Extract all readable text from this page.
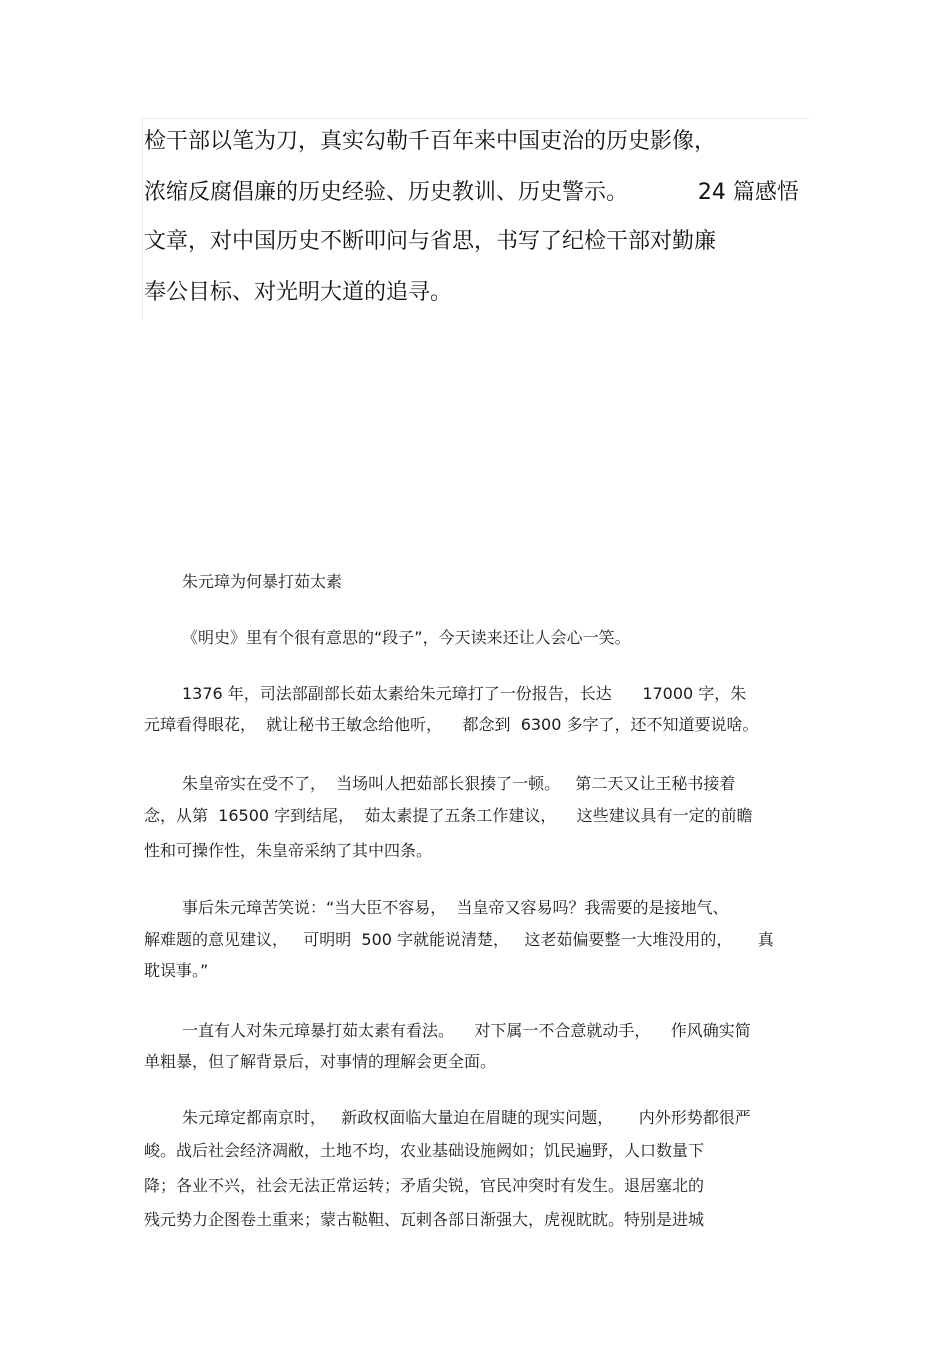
检干部以笔为刀，真实勾勒千百年来中国吏治的历史影像，
浓缩反腐倡廉的历史经验、历史教训、历史警示。          24 篇感悟
文章，对中国历史不断叩问与省思，书写了纪检干部对勤廉
奉公目标、对光明大道的追寻。
朱元璋为何暴打茹太素
《明史》里有个很有意思的“段子”，今天读来还让人会心一笑。
1376 年，司法部副部长茹太素给朱元璋打了一份报告，长达      17000 字，朱
元璋看得眼花，  就让秘书王敏念给他听，    都念到  6300 多字了，还不知道要说啥。
朱皇帝实在受不了，  当场叫人把茹部长狠揍了一顿。   第二天又让王秘书接着
念，从第  16500 字到结尾，  茹太素提了五条工作建议，    这些建议具有一定的前瞻
性和可操作性，朱皇帝采纳了其中四条。
事后朱元璋苦笑说：“当大臣不容易，  当皇帝又容易吗？我需要的是接地气、
解难题的意见建议，   可明明  500 字就能说清楚，   这老茹偏要整一大堆没用的，     真
耽误事。”
一直有人对朱元璋暴打茹太素有看法。    对下属一不合意就动手，    作风确实简
单粗暴，但了解背景后，对事情的理解会更全面。
朱元璋定都南京时，   新政权面临大量迫在眉睫的现实问题，     内外形势都很严
峻。战后社会经济凋敝，土地不均，农业基础设施阙如；饥民遍野，人口数量下
降；各业不兴，社会无法正常运转；矛盾尖锐，官民冲突时有发生。退居塞北的
残元势力企图卷土重来；蒙古鞑靼、瓦剌各部日渐强大，虎视眈眈。特别是进城
